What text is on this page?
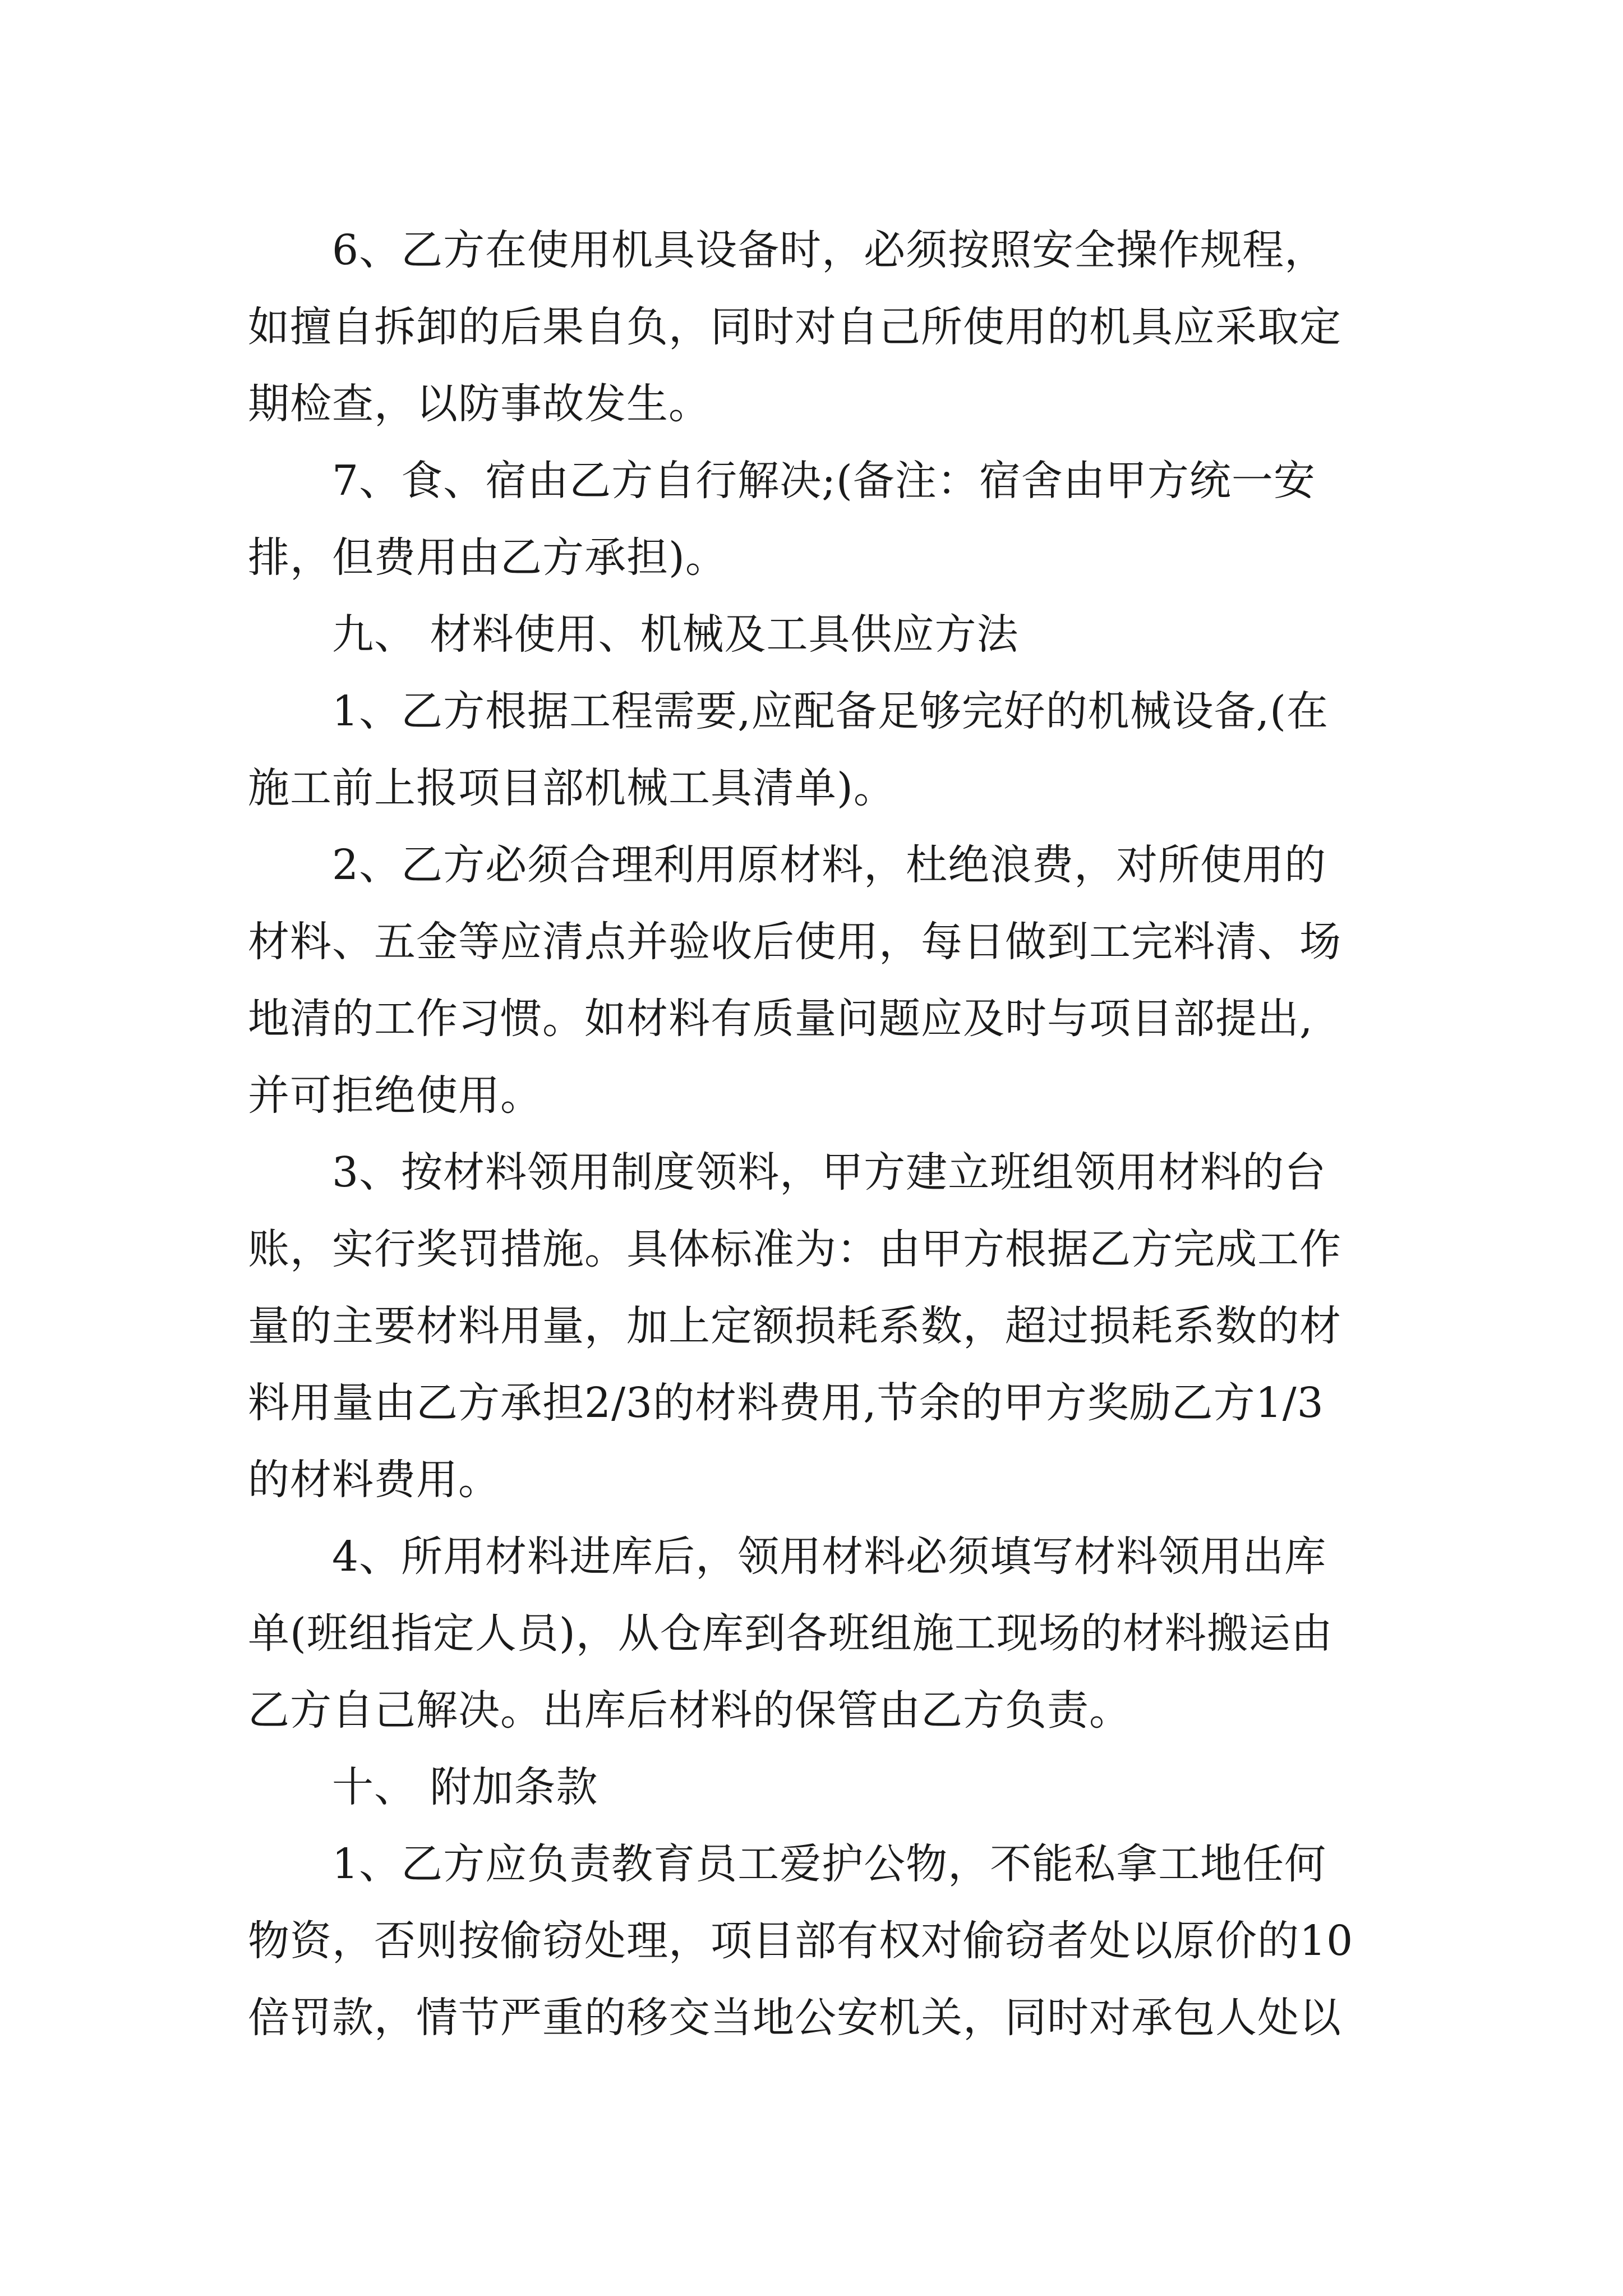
6、乙方在使用机具设备时，必须按照安全操作规程，
如擅自拆卸的后果自负，同时对自己所使用的机具应采取定
期检查，以防事故发生。
7、食、宿由乙方自行解决;(备注：宿舍由甲方统一安
排，但费用由乙方承担)。
九、 材料使用、机械及工具供应方法
1、乙方根据工程需要,应配备足够完好的机械设备,(在
施工前上报项目部机械工具清单)。
2、乙方必须合理利用原材料，杜绝浪费，对所使用的
材料、五金等应清点并验收后使用，每日做到工完料清、场
地清的工作习惯。如材料有质量问题应及时与项目部提出,
并可拒绝使用。
3、按材料领用制度领料，甲方建立班组领用材料的台
账，实行奖罚措施。具体标准为：由甲方根据乙方完成工作
量的主要材料用量，加上定额损耗系数，超过损耗系数的材
料用量由乙方承担2/3的材料费用,节余的甲方奖励乙方1/3
的材料费用。
4、所用材料进库后，领用材料必须填写材料领用出库
单(班组指定人员)，从仓库到各班组施工现场的材料搬运由
乙方自己解决。出库后材料的保管由乙方负责。
十、 附加条款
1、乙方应负责教育员工爱护公物，不能私拿工地任何
物资，否则按偷窃处理，项目部有权对偷窃者处以原价的10
倍罚款，情节严重的移交当地公安机关，同时对承包人处以
